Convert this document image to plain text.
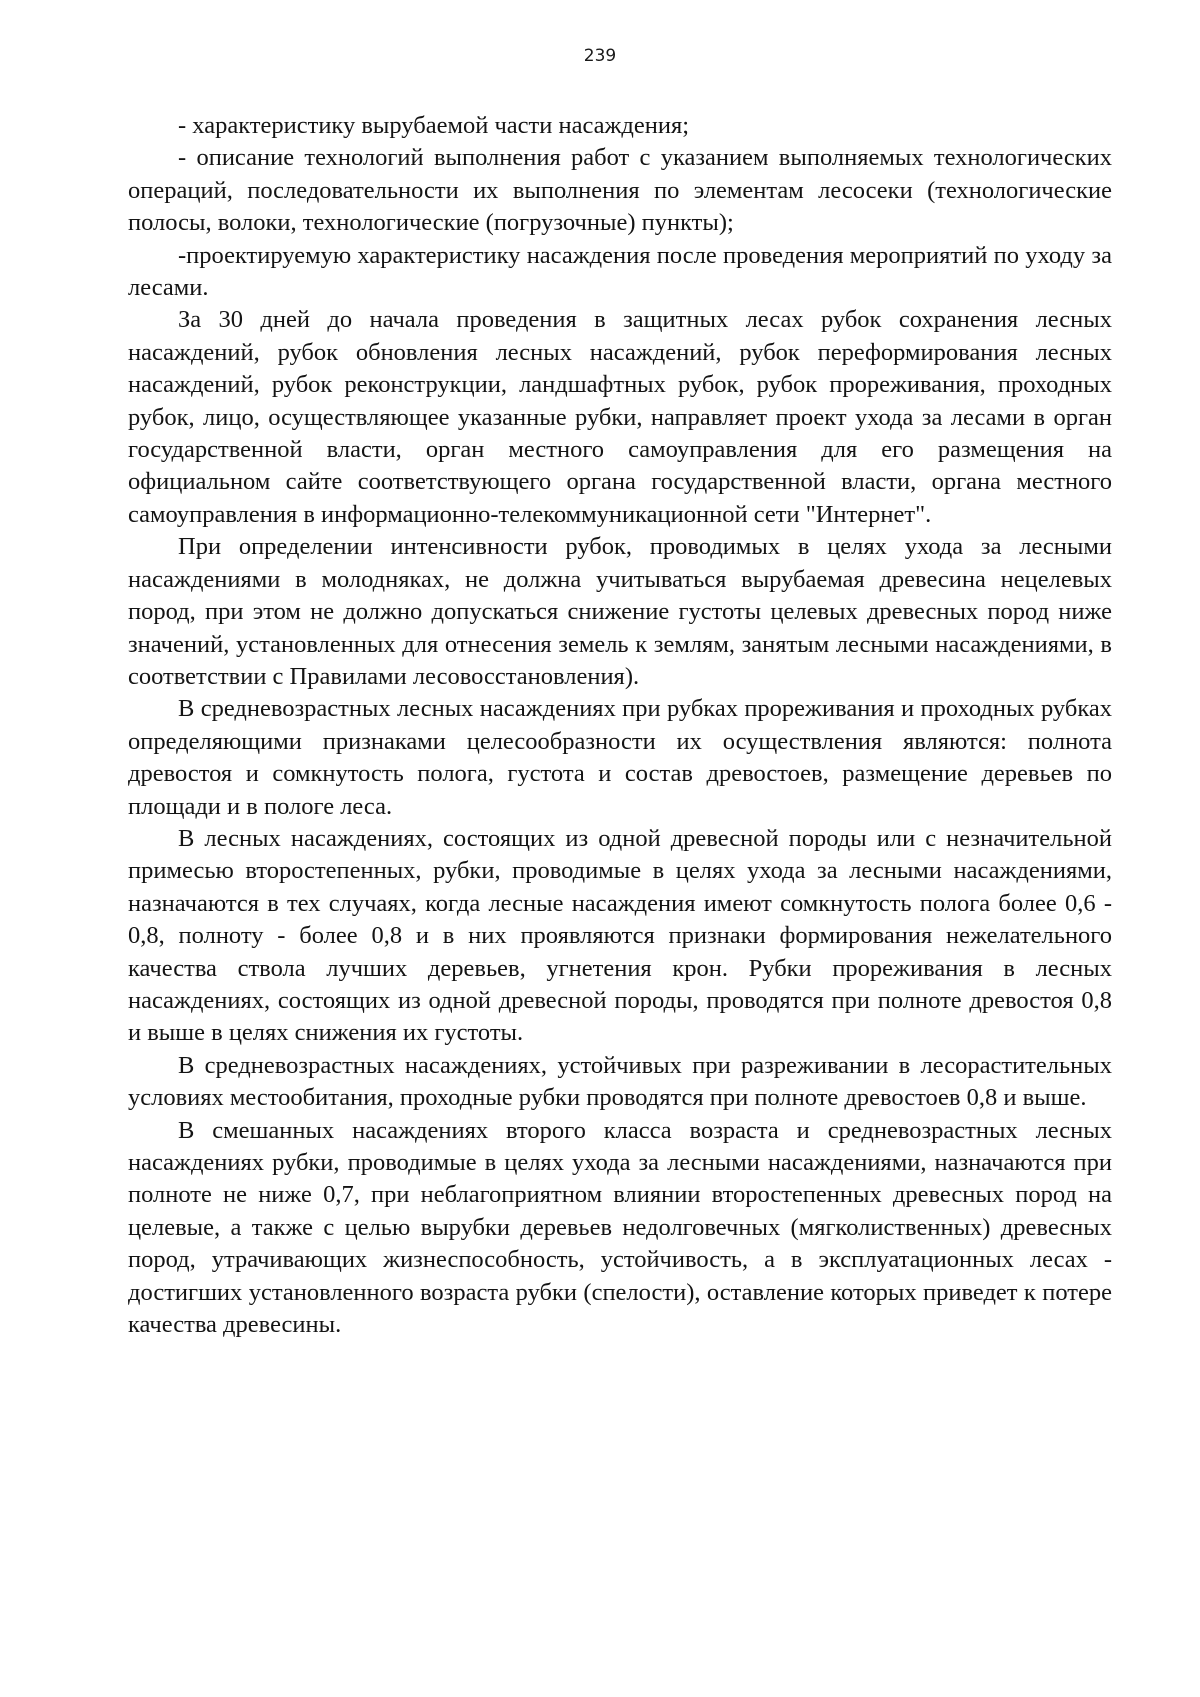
239

- характеристику вырубаемой части насаждения;

- описание технологий выполнения работ с указанием выполняемых технологических операций, последовательности их выполнения по элементам лесосеки (технологические полосы, волоки, технологические (погрузочные) пункты);

-проектируемую характеристику насаждения после проведения мероприятий по уходу за лесами.

За 30 дней до начала проведения в защитных лесах рубок сохранения лесных насаждений, рубок обновления лесных насаждений, рубок переформирования лесных насаждений, рубок реконструкции, ландшафтных рубок, рубок прореживания, проходных рубок, лицо, осуществляющее указанные рубки, направляет проект ухода за лесами в орган государственной власти, орган местного самоуправления для его размещения на официальном сайте соответствующего органа государственной власти, органа местного самоуправления в информационно-телекоммуникационной сети "Интернет".

При определении интенсивности рубок, проводимых в целях ухода за лесными насаждениями в молодняках, не должна учитываться вырубаемая древесина нецелевых пород, при этом не должно допускаться снижение густоты целевых древесных пород ниже значений, установленных для отнесения земель к землям, занятым лесными насаждениями, в соответствии с Правилами лесовосстановления).

В средневозрастных лесных насаждениях при рубках прореживания и проходных рубках определяющими признаками целесообразности их осуществления являются: полнота древостоя и сомкнутость полога, густота и состав древостоев, размещение деревьев по площади и в пологе леса.

В лесных насаждениях, состоящих из одной древесной породы или с незначительной примесью второстепенных, рубки, проводимые в целях ухода за лесными насаждениями, назначаются в тех случаях, когда лесные насаждения имеют сомкнутость полога более 0,6 - 0,8, полноту - более 0,8 и в них проявляются признаки формирования нежелательного качества ствола лучших деревьев, угнетения крон. Рубки прореживания в лесных насаждениях, состоящих из одной древесной породы, проводятся при полноте древостоя 0,8 и выше в целях снижения их густоты.

В средневозрастных насаждениях, устойчивых при разреживании в лесорастительных условиях местообитания, проходные рубки проводятся при полноте древостоев 0,8 и выше.

В смешанных насаждениях второго класса возраста и средневозрастных лесных насаждениях рубки, проводимые в целях ухода за лесными насаждениями, назначаются при полноте не ниже 0,7, при неблагоприятном влиянии второстепенных древесных пород на целевые, а также с целью вырубки деревьев недолговечных (мягколиственных) древесных пород, утрачивающих жизнеспособность, устойчивость, а в эксплуатационных лесах - достигших установленного возраста рубки (спелости), оставление которых приведет к потере качества древесины.
